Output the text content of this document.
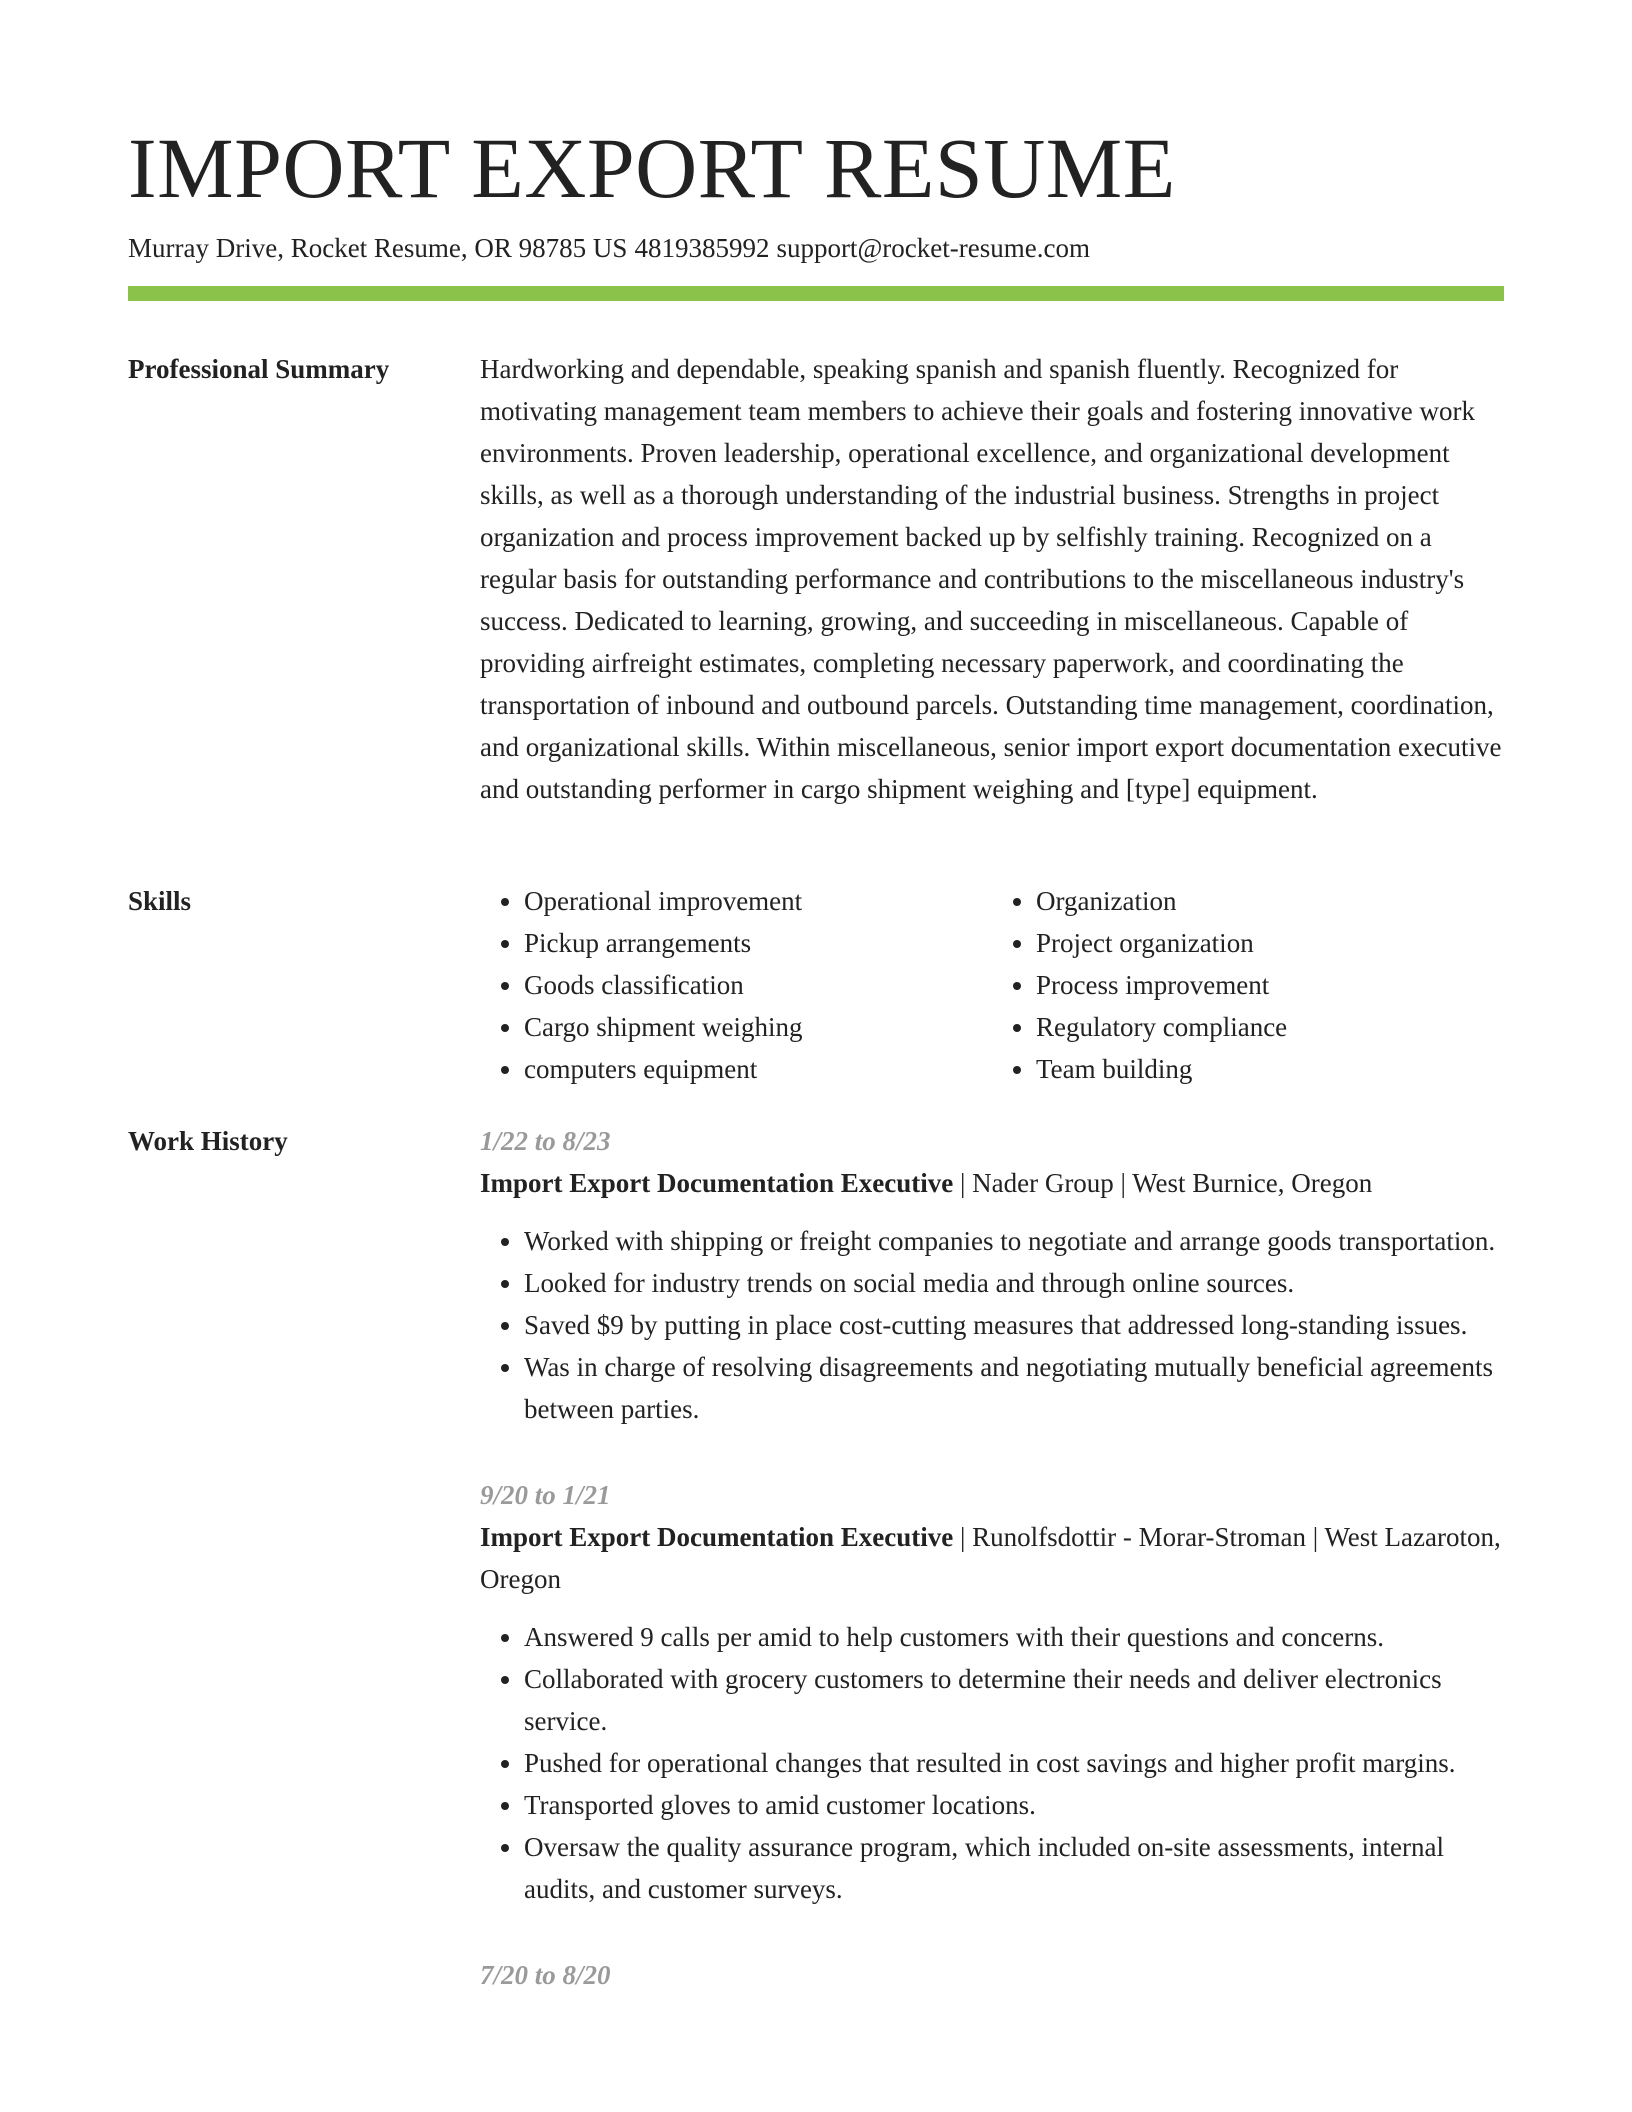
IMPORT EXPORT RESUME
Murray Drive, Rocket Resume, OR 98785 US 4819385992 support@rocket-resume.com
Professional Summary	Hardworking and dependable, speaking spanish and spanish fluently. Recognized for motivating management team members to achieve their goals and fostering innovative work environments. Proven leadership, operational excellence, and organizational development skills, as well as a thorough understanding of the industrial business. Strengths in project organization and process improvement backed up by selfishly training. Recognized on a regular basis for outstanding performance and contributions to the miscellaneous industry's success. Dedicated to learning, growing, and succeeding in miscellaneous. Capable of providing airfreight estimates, completing necessary paperwork, and coordinating the transportation of inbound and outbound parcels. Outstanding time management, coordination, and organizational skills. Within miscellaneous, senior import export documentation executive and outstanding performer in cargo shipment weighing and [type] equipment.

Skills
•	Operational improvement
• Pickup arrangements
• Goods classification
• Cargo shipment weighing
• computers equipment
• Organization
• Project organization
• Process improvement
• Regulatory compliance
• Team building
Work History	1/22 to 8/23
Import Export Documentation Executive | Nader Group | West Burnice, Oregon
• Worked with shipping or freight companies to negotiate and arrange goods transportation.
• Looked for industry trends on social media and through online sources.
• Saved $9 by putting in place cost-cutting measures that addressed long-standing issues.
• Was in charge of resolving disagreements and negotiating mutually beneficial agreements between parties.
9/20 to 1/21
Import Export Documentation Executive | Runolfsdottir - Morar-Stroman | West Lazaroton, Oregon
• Answered 9 calls per amid to help customers with their questions and concerns.
• Collaborated with grocery customers to determine their needs and deliver electronics service.
• Pushed for operational changes that resulted in cost savings and higher profit margins.
• Transported gloves to amid customer locations.
• Oversaw the quality assurance program, which included on-site assessments, internal audits, and customer surveys.
7/20 to 8/20
